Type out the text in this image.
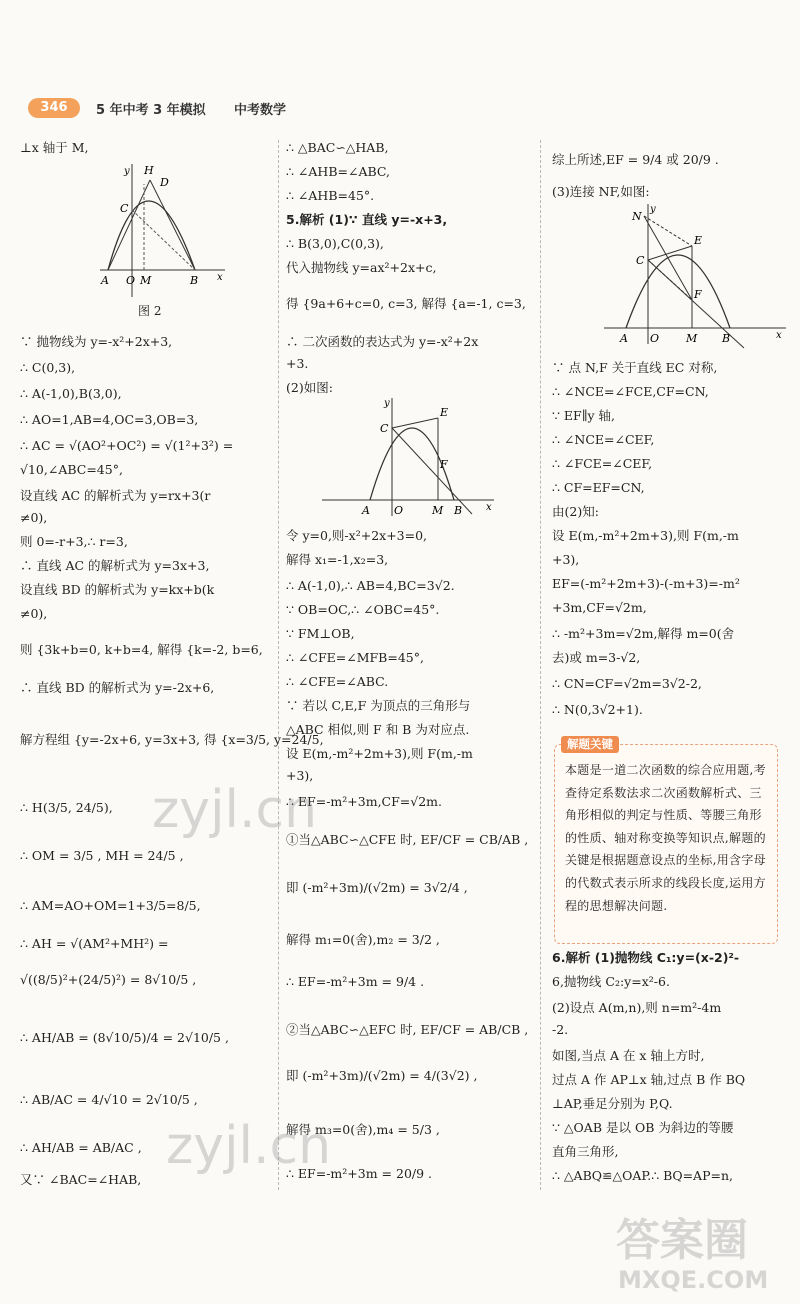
346	5 年中考 3 年模拟 中考数学
⊥x 轴于 M,
y H
D
C
A O M	B x
图 2
∵ 抛物线为 y=-x²+2x+3,
∴ C(0,3),
∴ A(-1,0),B(3,0),
∴ AO=1,AB=4,OC=3,OB=3,
∴ AC = √(AO²+OC²) = √(1²+3²) =
√10,∠ABC=45°,
设直线 AC 的解析式为 y=rx+3(r
≠0),
则 0=-r+3,∴ r=3,
∴ 直线 AC 的解析式为 y=3x+3,
设直线 BD 的解析式为 y=kx+b(k
≠0),
则 {3k+b=0, k+b=4, 解得 {k=-2, b=6,
∴ 直线 BD 的解析式为 y=-2x+6,
解方程组 {y=-2x+6, y=3x+3, 得 {x=3/5, y=24/5,
∴ H(3/5, 24/5),
∴ OM = 3/5 , MH = 24/5 ,
∴ AM=AO+OM=1+3/5=8/5,
∴ AH = √(AM²+MH²) =
√((8/5)²+(24/5)²) = 8√10/5 ,
∴ AH/AB = (8√10/5)/4 = 2√10/5 ,
∴ AB/AC = 4/√10 = 2√10/5 ,
∴ AH/AB = AB/AC ,
又∵ ∠BAC=∠HAB,
∴ △BAC∽△HAB,
∴ ∠AHB=∠ABC,
∴ ∠AHB=45°.
5.解析 (1)∵ 直线 y=-x+3,
∴ B(3,0),C(0,3),
代入抛物线 y=ax²+2x+c,
得 {9a+6+c=0, c=3, 解得 {a=-1, c=3,
∴ 二次函数的表达式为 y=-x²+2x
+3.
(2)如图:
y
E
C
F
A O	M B x
令 y=0,则-x²+2x+3=0,
解得 x₁=-1,x₂=3,
∴ A(-1,0),∴ AB=4,BC=3√2.
∵ OB=OC,∴ ∠OBC=45°.
∵ FM⊥OB,
∴ ∠CFE=∠MFB=45°,
∴ ∠CFE=∠ABC.
∵ 若以 C,E,F 为顶点的三角形与
△ABC 相似,则 F 和 B 为对应点.
设 E(m,-m²+2m+3),则 F(m,-m
+3),
∴ EF=-m²+3m,CF=√2m.
①当△ABC∽△CFE 时, EF/CF = CB/AB ,
即 (-m²+3m)/(√2m) = 3√2/4 ,
解得 m₁=0(舍),m₂ = 3/2 ,
∴ EF=-m²+3m = 9/4 .
②当△ABC∽△EFC 时, EF/CF = AB/CB ,
即 (-m²+3m)/(√2m) = 4/(3√2) ,
解得 m₃=0(舍),m₄ = 5/3 ,
∴ EF=-m²+3m = 20/9 .
综上所述,EF = 9/4 或 20/9 .
(3)连接 NF,如图:
N
y
E
C
F
A O M B	x
∵ 点 N,F 关于直线 EC 对称,
∴ ∠NCE=∠FCE,CF=CN,
∵ EF∥y 轴,
∴ ∠NCE=∠CEF,
∴ ∠FCE=∠CEF,
∴ CF=EF=CN,
由(2)知:
设 E(m,-m²+2m+3),则 F(m,-m
+3),
EF=(-m²+2m+3)-(-m+3)=-m²
+3m,CF=√2m,
∴ -m²+3m=√2m,解得 m=0(舍
去)或 m=3-√2,
∴ CN=CF=√2m=3√2-2,
∴ N(0,3√2+1).
解题关键
本题是一道二次函数的综合应用题,考查待定系数法求二次函数解析式、三角形相似的判定与性质、等腰三角形的性质、轴对称变换等知识点,解题的关键是根据题意设点的坐标,用含字母的代数式表示所求的线段长度,运用方程的思想解决问题.
6.解析 (1)抛物线 C₁:y=(x-2)²-
6,抛物线 C₂:y=x²-6.
(2)设点 A(m,n),则 n=m²-4m
-2.
如图,当点 A 在 x 轴上方时,
过点 A 作 AP⊥x 轴,过点 B 作 BQ
⊥AP,垂足分别为 P,Q.
∵ △OAB 是以 OB 为斜边的等腰
直角三角形,
∴ △ABQ≌△OAP.∴ BQ=AP=n,
zyjl.cn
zyjl.cn
答案圈
MXQE.COM
